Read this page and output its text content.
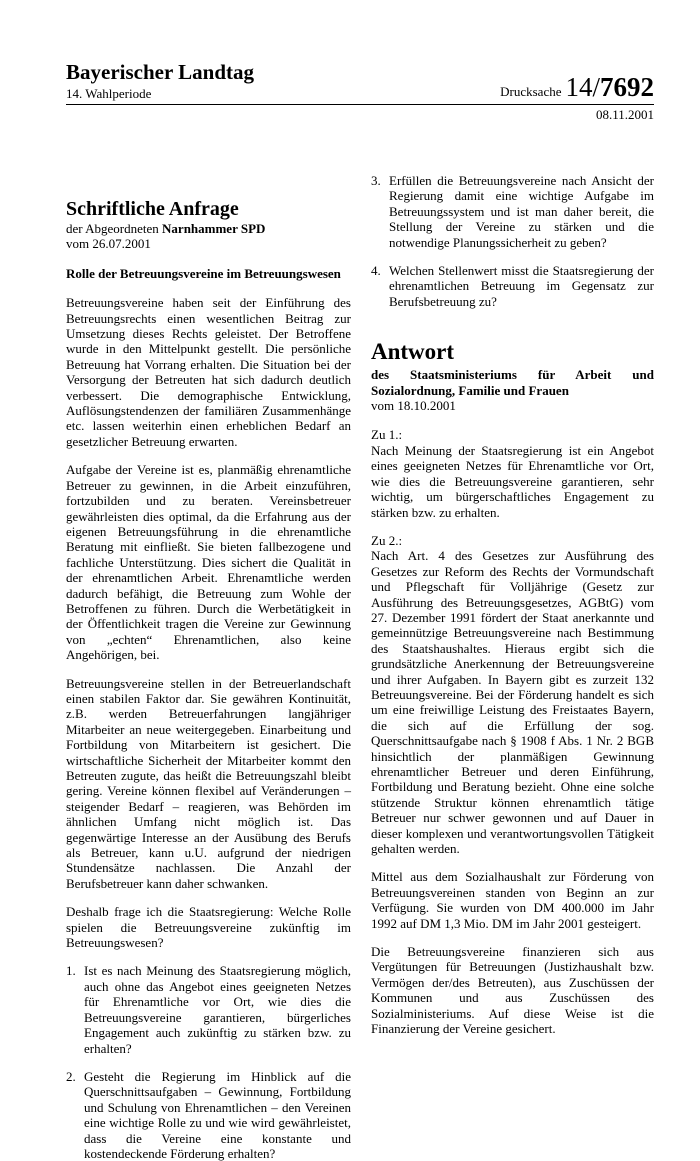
Bayerischer Landtag
14. Wahlperiode	Drucksache 14/7692
08.11.2001
Schriftliche Anfrage
der Abgeordneten Narnhammer SPD
vom 26.07.2001

Rolle der Betreuungsvereine im Betreuungswesen

Betreuungsvereine haben seit der Einführung des Betreuungsrechts einen wesentlichen Beitrag zur Umsetzung dieses Rechts geleistet. Der Betroffene wurde in den Mittelpunkt gestellt. Die persönliche Betreuung hat Vorrang erhalten. Die Situation bei der Versorgung der Betreuten hat sich dadurch deutlich verbessert. Die demographische Entwicklung, Auflösungstendenzen der familiären Zusammenhänge etc. lassen weiterhin einen erheblichen Bedarf an gesetzlicher Betreuung erwarten.

Aufgabe der Vereine ist es, planmäßig ehrenamtliche Betreuer zu gewinnen, in die Arbeit einzuführen, fortzubilden und zu beraten. Vereinsbetreuer gewährleisten dies optimal, da die Erfahrung aus der eigenen Betreuungsführung in die ehrenamtliche Beratung mit einfließt. Sie bieten fallbezogene und fachliche Unterstützung. Dies sichert die Qualität in der ehrenamtlichen Arbeit. Ehrenamtliche werden dadurch befähigt, die Betreuung zum Wohle der Betroffenen zu führen. Durch die Werbetätigkeit in der Öffentlichkeit tragen die Vereine zur Gewinnung von „echten“ Ehrenamtlichen, also keine Angehörigen, bei.

Betreuungsvereine stellen in der Betreuerlandschaft einen stabilen Faktor dar. Sie gewähren Kontinuität, z.B. werden Betreuerfahrungen langjähriger Mitarbeiter an neue weitergegeben. Einarbeitung und Fortbildung von Mitarbeitern ist gesichert. Die wirtschaftliche Sicherheit der Mitarbeiter kommt den Betreuten zugute, das heißt die Betreuungszahl bleibt gering. Vereine können flexibel auf Veränderungen – steigender Bedarf – reagieren, was Behörden im ähnlichen Umfang nicht möglich ist. Das gegenwärtige Interesse an der Ausübung des Berufs als Betreuer, kann u.U. aufgrund der niedrigen Stundensätze nachlassen. Die Anzahl der Berufsbetreuer kann daher schwanken.

Deshalb frage ich die Staatsregierung: Welche Rolle spielen die Betreuungsvereine zukünftig im Betreuungswesen?

1. Ist es nach Meinung des Staatsregierung möglich, auch ohne das Angebot eines geeigneten Netzes für Ehrenamtliche vor Ort, wie dies die Betreuungsvereine garantieren, bürgerliches Engagement auch zukünftig zu stärken bzw. zu erhalten?
2. Gesteht die Regierung im Hinblick auf die Querschnittsaufgaben – Gewinnung, Fortbildung und Schulung von Ehrenamtlichen – den Vereinen eine wichtige Rolle zu und wie wird gewährleistet, dass die Vereine eine konstante und kostendeckende Förderung erhalten?
3. Erfüllen die Betreuungsvereine nach Ansicht der Regierung damit eine wichtige Aufgabe im Betreuungssystem und ist man daher bereit, die Stellung der Vereine zu stärken und die notwendige Planungssicherheit zu geben?
4. Welchen Stellenwert misst die Staatsregierung der ehrenamtlichen Betreuung im Gegensatz zur Berufsbetreuung zu?
Antwort

des Staatsministeriums für Arbeit und Sozialordnung, Familie und Frauen

vom 18.10.2001
Zu 1.:

Nach Meinung der Staatsregierung ist ein Angebot eines geeigneten Netzes für Ehrenamtliche vor Ort, wie dies die Betreuungsvereine garantieren, sehr wichtig, um bürgerschaftliches Engagement zu stärken bzw. zu erhalten.

Zu 2.:

Nach Art. 4 des Gesetzes zur Ausführung des Gesetzes zur Reform des Rechts der Vormundschaft und Pflegschaft für Volljährige (Gesetz zur Ausführung des Betreuungsgesetzes, AGBtG) vom 27. Dezember 1991 fördert der Staat anerkannte und gemeinnützige Betreuungsvereine nach Bestimmung des Staatshaushaltes. Hieraus ergibt sich die grundsätzliche Anerkennung der Betreuungsvereine und ihrer Aufgaben. In Bayern gibt es zurzeit 132 Betreuungsvereine. Bei der Förderung handelt es sich um eine freiwillige Leistung des Freistaates Bayern, die sich auf die Erfüllung der sog. Querschnittsaufgabe nach § 1908 f Abs. 1 Nr. 2 BGB hinsichtlich der planmäßigen Gewinnung ehrenamtlicher Betreuer und deren Einführung, Fortbildung und Beratung bezieht. Ohne eine solche stützende Struktur können ehrenamtlich tätige Betreuer nur schwer gewonnen und auf Dauer in dieser komplexen und verantwortungsvollen Tätigkeit gehalten werden.

Mittel aus dem Sozialhaushalt zur Förderung von Betreuungsvereinen standen von Beginn an zur Verfügung. Sie wurden von DM 400.000 im Jahr 1992 auf DM 1,3 Mio. DM im Jahr 2001 gesteigert.

Die Betreuungsvereine finanzieren sich aus Vergütungen für Betreuungen (Justizhaushalt bzw. Vermögen der/des Betreuten), aus Zuschüssen der Kommunen und aus Zuschüssen des Sozialministeriums. Auf diese Weise ist die Finanzierung der Vereine gesichert.
